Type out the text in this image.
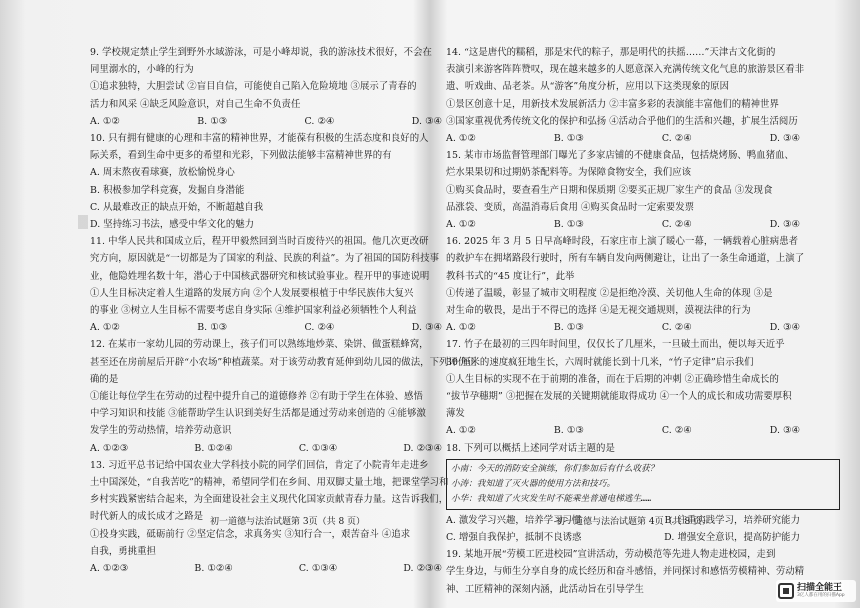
9. 学校规定禁止学生到野外水域游泳，可是小峰却说，我的游泳技术很好，不会在
同里溺水的，小峰的行为
①追求独特，大胆尝试 ②盲目自信，可能使自己陷入危险境地 ③展示了青春的
活力和风采 ④缺乏风险意识，对自己生命不负责任
A. ①②	B. ①③	C. ②④	D. ③④
10. 只有拥有健康的心理和丰富的精神世界，才能葆有积极的生活态度和良好的人
际关系，看到生命中更多的希望和光彩，下列做法能够丰富精神世界的有
A. 周末熬夜看球赛，放松愉悦身心
B. 积极参加学科竞赛，发掘自身潜能
C. 从最难改正的缺点开始，不断超越自我
D. 坚持练习书法，感受中华文化的魅力
11. 中华人民共和国成立后，程开甲毅然回到当时百废待兴的祖国。他几次更改研
究方向，原因就是“一切都是为了国家的利益、民族的利益”。为了祖国的国防科技事
业，他隐姓埋名数十年，潜心于中国核武器研究和核试验事业。程开甲的事迹说明
①人生目标决定着人生道路的发展方向 ②个人发展要根植于中华民族伟大复兴
的事业 ③树立人生目标不需要考虑自身实际 ④维护国家利益必须牺牲个人利益
A. ①②	B. ①③	C. ②④	D. ③④
12. 在某市一家幼儿园的劳动课上，孩子们可以熟练地炒菜、染饼、做蛋糕蜂窝，
甚至还在房前屋后开辟“小农场”种植蔬菜。对于该劳动教育延伸到幼儿园的做法，下列评价正
确的是
①能让每位学生在劳动的过程中提升自己的道德修养 ②有助于学生在体验、感悟
中学习知识和技能 ③能帮助学生认识到美好生活都是通过劳动来创造的 ④能够激
发学生的劳动热情，培养劳动意识
A. ①②③	B. ①②④	C. ①③④	D. ②③④
13. 习近平总书记给中国农业大学科技小院的同学们回信，肯定了小院青年走进乡
土中国深处，“自我苦吃”的精神，希望同学们在乡间、用双脚丈量土地，把课堂学习和
乡村实践紧密结合起来，为全面建设社会主义现代化国家贡献青春力量。这告诉我们，
时代新人的成长成才之路是
①投身实践，砥砺前行 ②坚定信念，求真务实 ③知行合一，艰苦奋斗 ④追求
自我，勇挑重担
A. ①②③	B. ①②④	C. ①③④	D. ②③④
初一道德与法治试题第 3页（共 8 页）
14. “这是唐代的糯稻，那是宋代的粽子，那是明代的扶摇……”天津古文化街的
表演引来游客阵阵赞叹，现在越来越多的人愿意深入充满传统文化气息的旅游景区看非
遗、听戏曲、品老茶。从“游客”角度分析，应用以下这类现象的原因
①景区创意十足，用新技术发展新活力 ②丰富多彩的表演能丰富他们的精神世界
③国家重视优秀传统文化的保护和弘扬 ④活动合乎他们的生活和兴趣，扩展生活阅历
A. ①②	B. ①③	C. ②④	D. ③④
15. 某市市场监督管理部门曝光了多家店铺的不健康食品，包括烧烤肠、鸭血猪血、
烂水果果切和过期奶茶配料等。为保障食物安全，我们应该
①购买食品时，要查看生产日期和保质期 ②要买正规厂家生产的食品 ③发现食
品涨袋、变质，高温消毒后食用 ④购买食品时一定索要发票
A. ①②	B. ①③	C. ②④	D. ③④
16. 2025 年 3 月 5 日早高峰时段，石家庄市上演了暖心一幕，一辆载着心脏病患者
的救护车在拥堵路段行驶时，所有车辆自发向两侧避让，让出了一条生命通道，上演了
教科书式的“45 度让行”，此举
①传递了温暖，彰显了城市文明程度 ②是拒绝冷漠、关切他人生命的体现 ③是
对生命的敬畏，是出于不得已的选择 ④是无视交通规则，漠视法律的行为
A. ①②	B. ①③	C. ②④	D. ③④
17. 竹子在最初的三四年时间里，仅仅长了几厘米，一旦破土而出，便以每天近乎
30 厘米的速度疯狂地生长，六周时就能长到十几米，“竹子定律”启示我们
①人生目标的实现不在于前期的准备，而在于后期的冲刺 ②正确珍惜生命成长的
“拔节孕穗期” ③把握在发展的关键期就能取得成功 ④一个人的成长和成功需要厚积
薄发
A. ①②	B. ①③	C. ②④	D. ③④
18. 下列可以概括上述同学对话主题的是
小南：今天的消防安全演练，你们参加后有什么收获？
小涛：我知道了灭火器的使用方法和技巧。
小华：我知道了火灾发生时不能乘坐普通电梯逃生……
A. 激发学习兴趣，培养学习习惯	B. 注重实践学习，培养研究能力
C. 增强自我保护，抵制不良诱惑	D. 增强安全意识，提高防护能力
19. 某地开展“劳模工匠进校园”宣讲活动，劳动模范等先进人物走进校园，走到
学生身边，与师生分享自身的成长经历和奋斗感悟，并同探讨和感悟劳模精神、劳动精
神、工匠精神的深刻内涵，此活动旨在引导学生
初一道德与法治试题第 4页（共 8 页）
扫描全能王
3亿人都在用的扫描App
